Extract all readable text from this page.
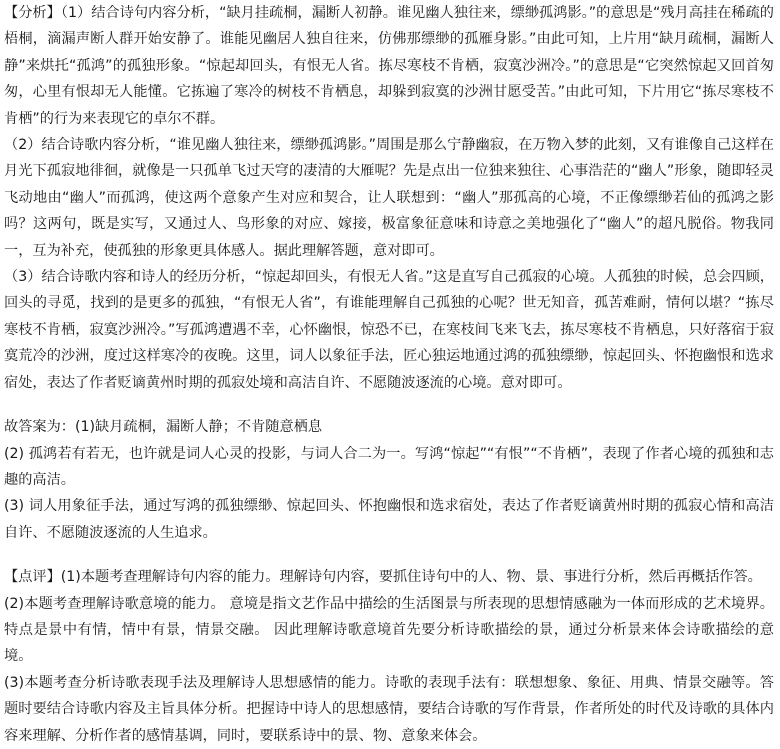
【分析】（1）结合诗句内容分析，“缺月挂疏桐，漏断人初静。谁见幽人独往来，缥缈孤鸿影。”的意思是“残月高挂在稀疏的梧桐，滴漏声断人群开始安静了。谁能见幽居人独自往来，仿佛那缥缈的孤雁身影。”由此可知，上片用“缺月疏桐，漏断人静”来烘托“孤鸿”的孤独形象。“惊起却回头，有恨无人省。拣尽寒枝不肯栖，寂寞沙洲冷。”的意思是“它突然惊起又回首匆匆，心里有恨却无人能懂。它拣遍了寒冷的树枝不肯栖息，却躲到寂寞的沙洲甘愿受苦。”由此可知，下片用它“拣尽寒枝不肯栖”的行为来表现它的卓尔不群。

（2）结合诗歌内容分析，“谁见幽人独往来，缥缈孤鸿影。”周围是那么宁静幽寂，在万物入梦的此刻，又有谁像自己这样在月光下孤寂地徘徊，就像是一只孤单飞过天穹的凄清的大雁呢？先是点出一位独来独往、心事浩茫的“幽人”形象，随即轻灵飞动地由“幽人”而孤鸿，使这两个意象产生对应和契合，让人联想到：“幽人”那孤高的心境，不正像缥缈若仙的孤鸿之影吗？这两句，既是实写，又通过人、鸟形象的对应、嫁接，极富象征意味和诗意之美地强化了“幽人”的超凡脱俗。物我同一，互为补充，使孤独的形象更具体感人。据此理解答题，意对即可。

（3）结合诗歌内容和诗人的经历分析，“惊起却回头，有恨无人省。”这是直写自己孤寂的心境。人孤独的时候，总会四顾，回头的寻觅，找到的是更多的孤独，“有恨无人省”，有谁能理解自己孤独的心呢？世无知音，孤苦难耐，情何以堪？“拣尽寒枝不肯栖，寂寞沙洲冷。”写孤鸿遭遇不幸，心怀幽恨，惊恐不已，在寒枝间飞来飞去，拣尽寒枝不肯栖息，只好落宿于寂寞荒冷的沙洲，度过这样寒冷的夜晚。这里，词人以象征手法，匠心独运地通过鸿的孤独缥缈，惊起回头、怀抱幽恨和选求宿处，表达了作者贬谪黄州时期的孤寂处境和高洁自许、不愿随波逐流的心境。意对即可。

故答案为：(1)缺月疏桐，漏断人静；不肯随意栖息

(2) 孤鸿若有若无，也许就是词人心灵的投影，与词人合二为一。写鸿“惊起”“有恨”“不肯栖”，表现了作者心境的孤独和志趣的高洁。

(3) 词人用象征手法，通过写鸿的孤独缥缈、惊起回头、怀抱幽恨和选求宿处，表达了作者贬谪黄州时期的孤寂心情和高洁自许、不愿随波逐流的人生追求。

【点评】(1)本题考查理解诗句内容的能力。理解诗句内容，要抓住诗句中的人、物、景、事进行分析，然后再概括作答。

(2)本题考查理解诗歌意境的能力。 意境是指文艺作品中描绘的生活图景与所表现的思想情感融为一体而形成的艺术境界。特点是景中有情，情中有景，情景交融。 因此理解诗歌意境首先要分析诗歌描绘的景，通过分析景来体会诗歌描绘的意境。

(3)本题考查分析诗歌表现手法及理解诗人思想感情的能力。诗歌的表现手法有：联想想象、象征、用典、情景交融等。答题时要结合诗歌内容及主旨具体分析。把握诗中诗人的思想感情，要结合诗歌的写作背景，作者所处的时代及诗歌的具体内容来理解、分析作者的感情基调，同时，要联系诗中的景、物、意象来体会。
